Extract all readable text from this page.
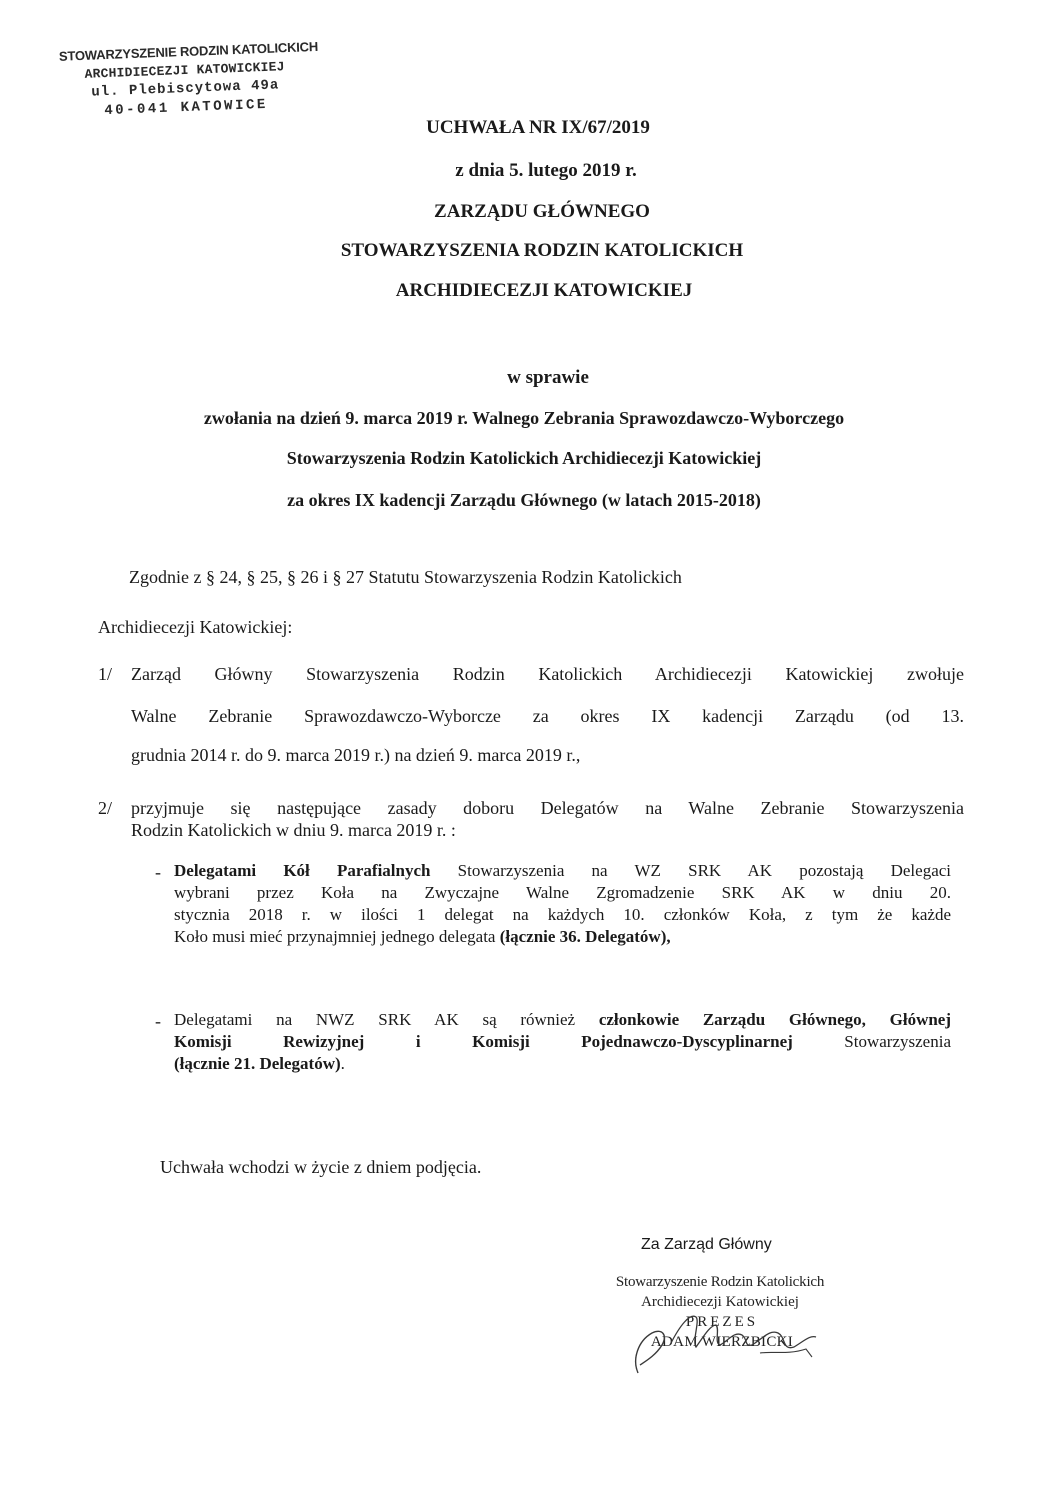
STOWARZYSZENIE RODZIN KATOLICKICH
ARCHIDIECEZJI KATOWICKIEJ
ul. Plebiscytowa 49a
40-041 KATOWICE
UCHWAŁA NR IX/67/2019
z dnia 5. lutego 2019 r.
ZARZĄDU GŁÓWNEGO
STOWARZYSZENIA RODZIN KATOLICKICH
ARCHIDIECEZJI KATOWICKIEJ
w sprawie
zwołania na dzień 9. marca 2019 r. Walnego Zebrania Sprawozdawczo-Wyborczego
Stowarzyszenia Rodzin Katolickich Archidiecezji Katowickiej
za okres IX kadencji Zarządu Głównego (w latach 2015-2018)
Zgodnie z § 24, § 25, § 26 i § 27 Statutu Stowarzyszenia Rodzin Katolickich
Archidiecezji Katowickiej:
1/ Zarząd Główny Stowarzyszenia Rodzin Katolickich Archidiecezji Katowickiej zwołuje
Walne Zebranie Sprawozdawczo-Wyborcze za okres IX kadencji Zarządu (od 13.
grudnia 2014 r. do 9. marca 2019 r.) na dzień 9. marca 2019 r.,
2/ przyjmuje się następujące zasady doboru Delegatów na Walne Zebranie Stowarzyszenia
Rodzin Katolickich w dniu 9. marca 2019 r. :
- Delegatami Kół Parafialnych Stowarzyszenia na WZ SRK AK pozostają Delegaci
wybrani przez Koła na Zwyczajne Walne Zgromadzenie SRK AK w dniu 20.
stycznia 2018 r. w ilości 1 delegat na każdych 10. członków Koła, z tym że każde
Koło musi mieć przynajmniej jednego delegata (łącznie 36. Delegatów),
- Delegatami na NWZ SRK AK są również członkowie Zarządu Głównego, Głównej
Komisji Rewizyjnej i Komisji Pojednawczo-Dyscyplinarnej Stowarzyszenia
(łącznie 21. Delegatów).
Uchwała wchodzi w życie z dniem podjęcia.
Za Zarząd Główny
Stowarzyszenie Rodzin Katolickich
Archidiecezji Katowickiej
PREZES
ADAM WIERZBICKI
